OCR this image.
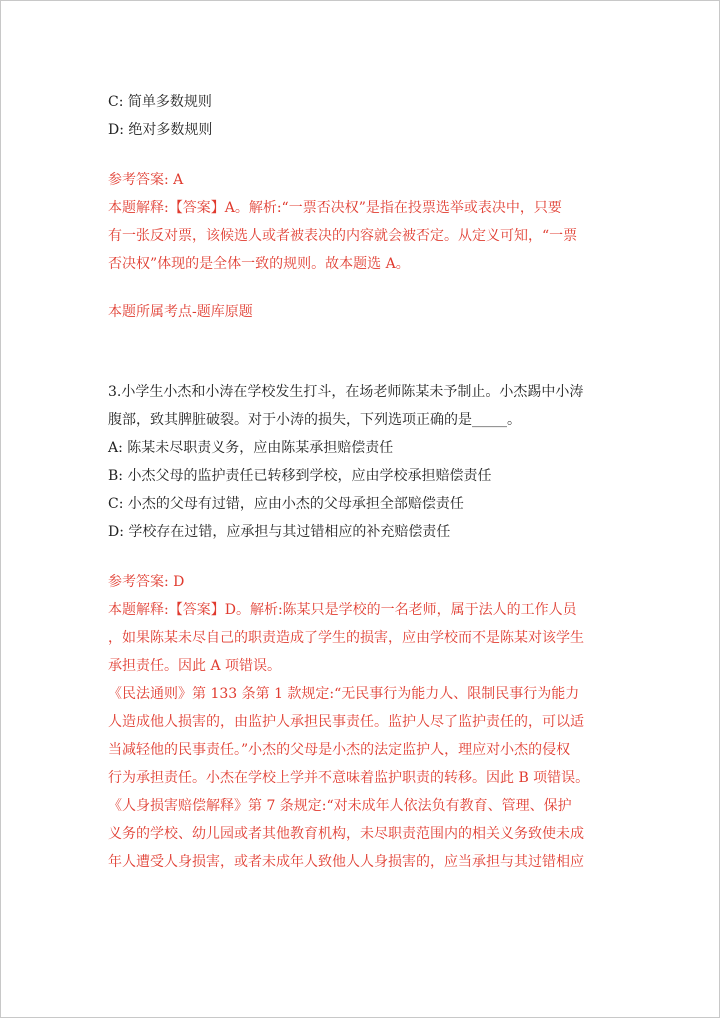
C: 简单多数规则
D: 绝对多数规则
参考答案: A
本题解释:【答案】A。解析:“一票否决权”是指在投票选举或表决中，只要
有一张反对票，该候选人或者被表决的内容就会被否定。从定义可知，“一票
否决权”体现的是全体一致的规则。故本题选 A。
本题所属考点-题库原题
3.小学生小杰和小涛在学校发生打斗，在场老师陈某未予制止。小杰踢中小涛
腹部，致其脾脏破裂。对于小涛的损失，下列选项正确的是_____。
A: 陈某未尽职责义务，应由陈某承担赔偿责任
B: 小杰父母的监护责任已转移到学校，应由学校承担赔偿责任
C: 小杰的父母有过错，应由小杰的父母承担全部赔偿责任
D: 学校存在过错，应承担与其过错相应的补充赔偿责任
参考答案: D
本题解释:【答案】D。解析:陈某只是学校的一名老师，属于法人的工作人员
，如果陈某未尽自己的职责造成了学生的损害，应由学校而不是陈某对该学生
承担责任。因此 A 项错误。
《民法通则》第 133 条第 1 款规定:“无民事行为能力人、限制民事行为能力
人造成他人损害的，由监护人承担民事责任。监护人尽了监护责任的，可以适
当减轻他的民事责任。”小杰的父母是小杰的法定监护人，理应对小杰的侵权
行为承担责任。小杰在学校上学并不意味着监护职责的转移。因此 B 项错误。
《人身损害赔偿解释》第 7 条规定:“对未成年人依法负有教育、管理、保护
义务的学校、幼儿园或者其他教育机构，未尽职责范围内的相关义务致使未成
年人遭受人身损害，或者未成年人致他人人身损害的，应当承担与其过错相应
